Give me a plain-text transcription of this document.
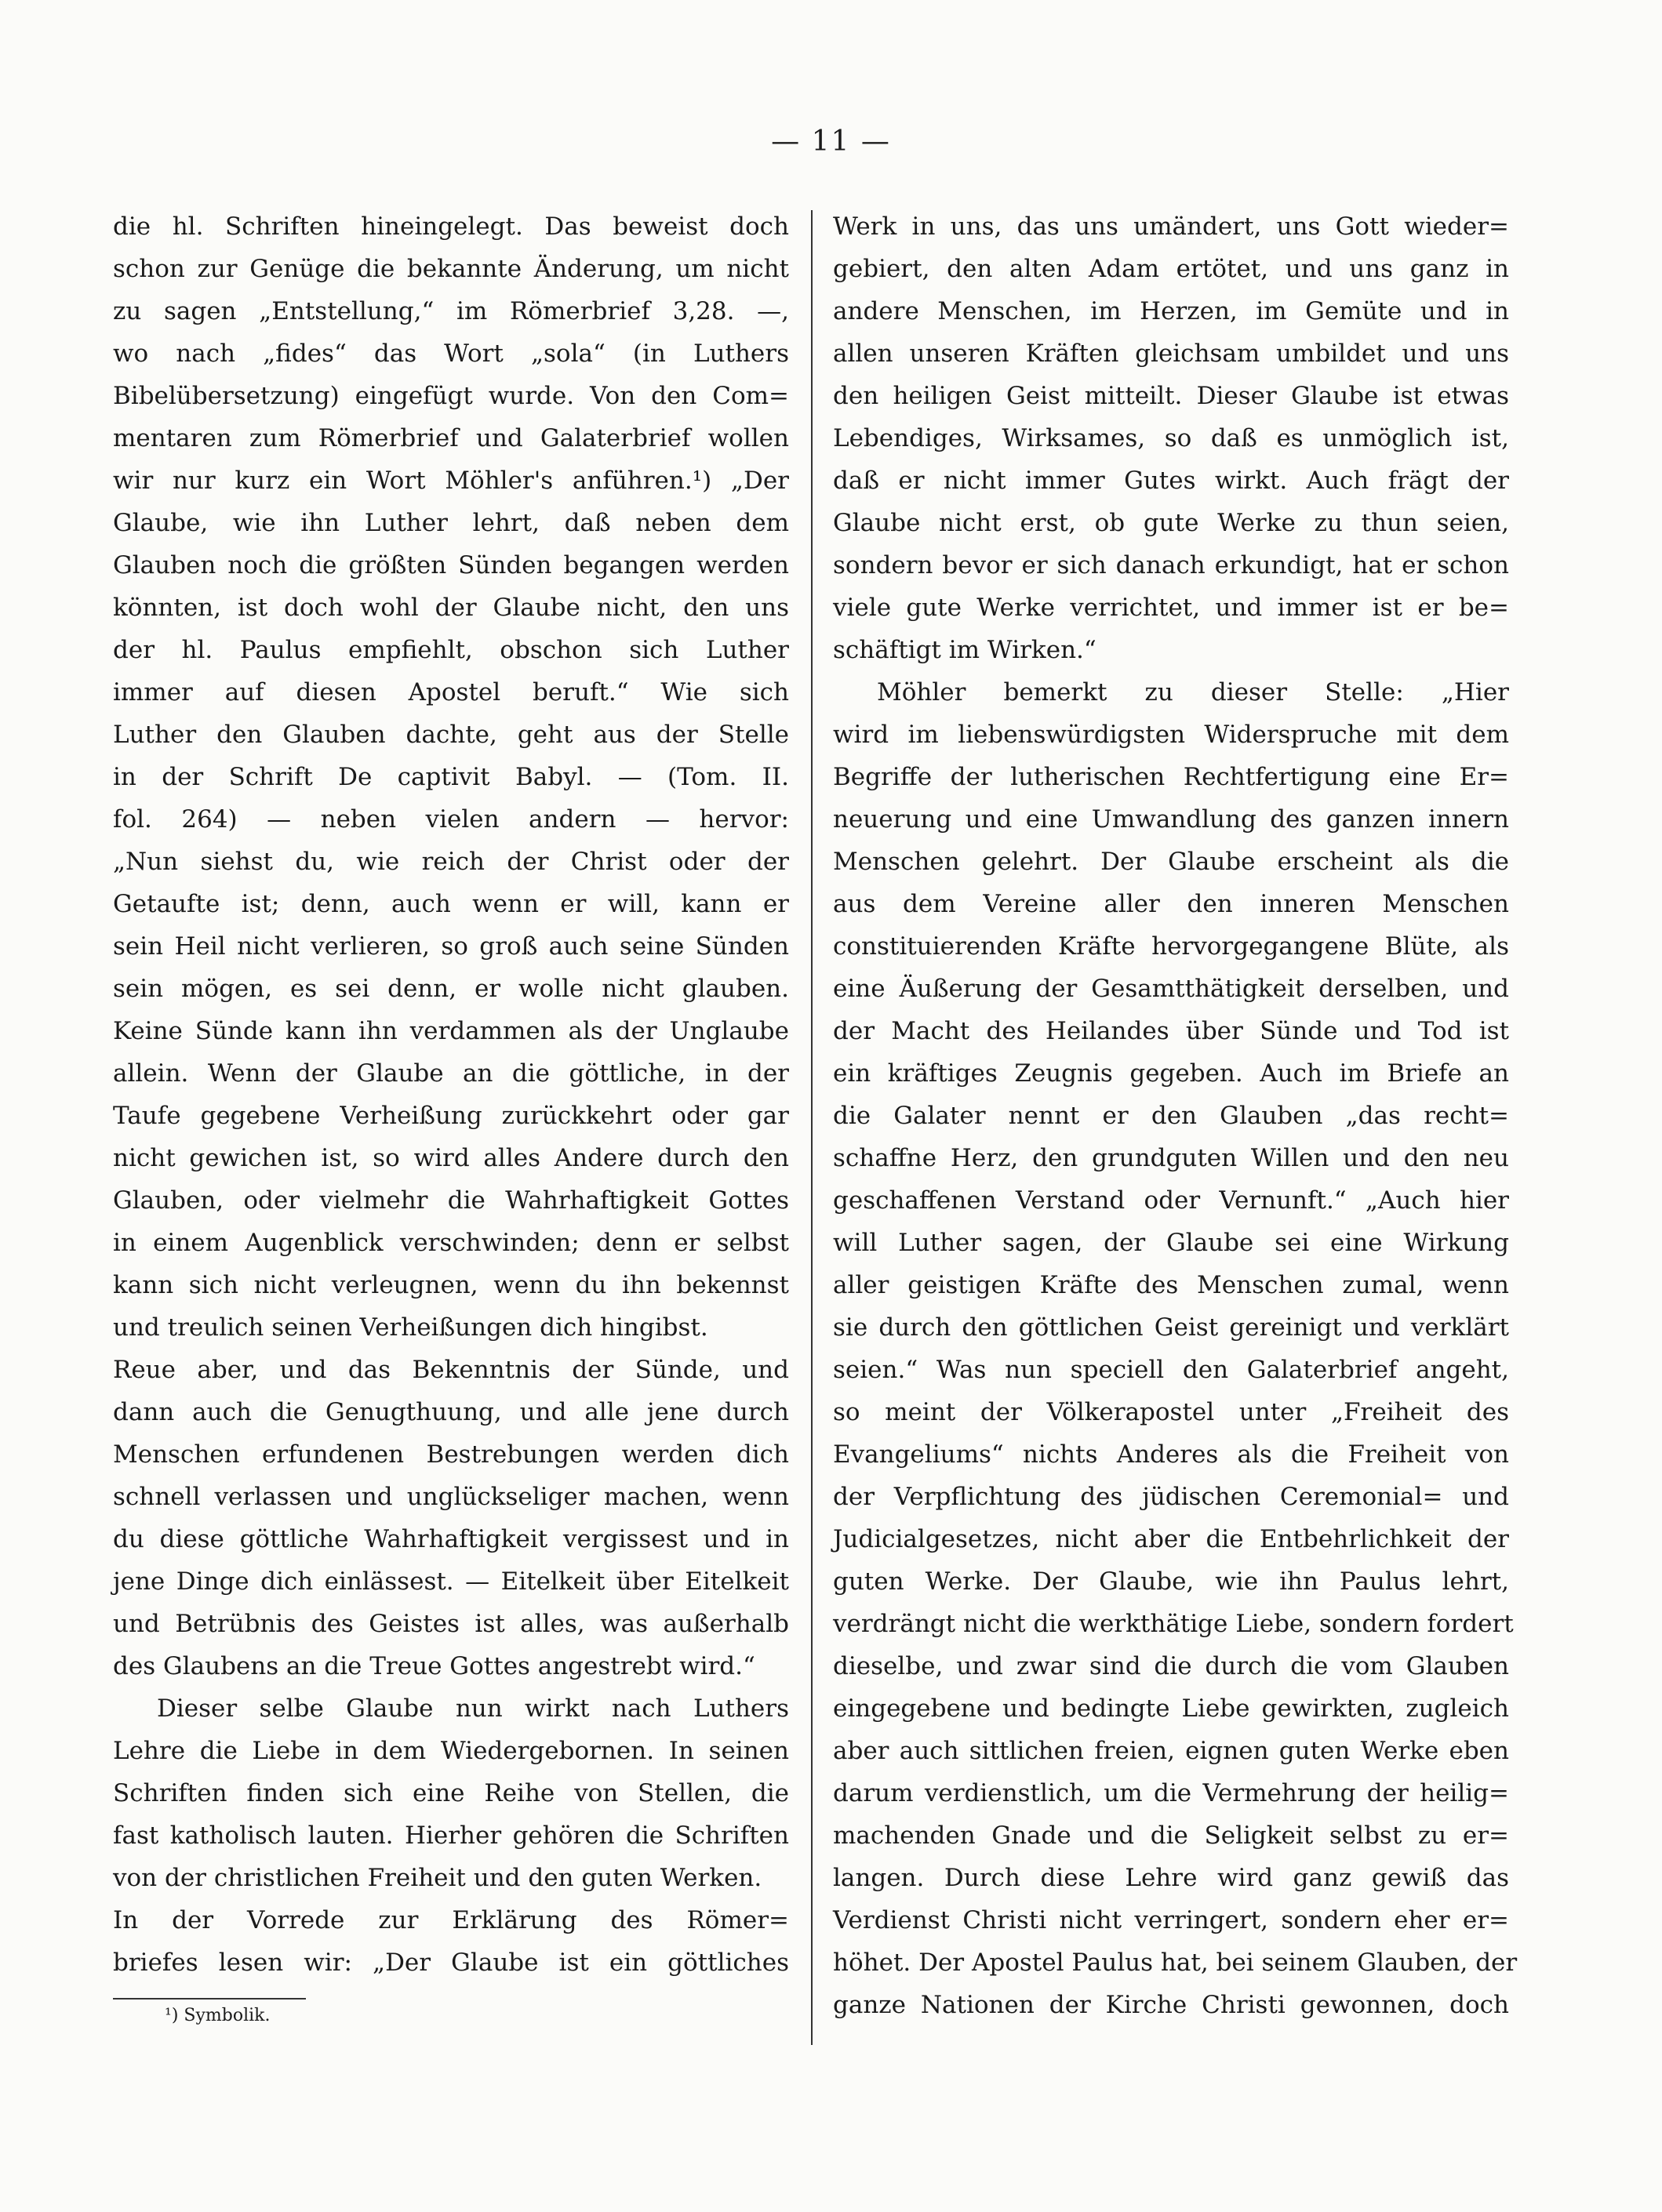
— 11 —
die hl. Schriften hineingelegt. Das beweist doch
schon zur Genüge die bekannte Änderung, um nicht
zu sagen „Entstellung,“ im Römerbrief 3,28. —,
wo nach „fides“ das Wort „sola“ (in Luthers
Bibelübersetzung) eingefügt wurde. Von den Com=
mentaren zum Römerbrief und Galaterbrief wollen
wir nur kurz ein Wort Möhler's anführen.¹) „Der
Glaube, wie ihn Luther lehrt, daß neben dem
Glauben noch die größten Sünden begangen werden
könnten, ist doch wohl der Glaube nicht, den uns
der hl. Paulus empfiehlt, obschon sich Luther
immer auf diesen Apostel beruft.“ Wie sich
Luther den Glauben dachte, geht aus der Stelle
in der Schrift De captivit Babyl. — (Tom. II.
fol. 264) — neben vielen andern — hervor:
„Nun siehst du, wie reich der Christ oder der
Getaufte ist; denn, auch wenn er will, kann er
sein Heil nicht verlieren, so groß auch seine Sünden
sein mögen, es sei denn, er wolle nicht glauben.
Keine Sünde kann ihn verdammen als der Unglaube
allein. Wenn der Glaube an die göttliche, in der
Taufe gegebene Verheißung zurückkehrt oder gar
nicht gewichen ist, so wird alles Andere durch den
Glauben, oder vielmehr die Wahrhaftigkeit Gottes
in einem Augenblick verschwinden; denn er selbst
kann sich nicht verleugnen, wenn du ihn bekennst
und treulich seinen Verheißungen dich hingibst.
Reue aber, und das Bekenntnis der Sünde, und
dann auch die Genugthuung, und alle jene durch
Menschen erfundenen Bestrebungen werden dich
schnell verlassen und unglückseliger machen, wenn
du diese göttliche Wahrhaftigkeit vergissest und in
jene Dinge dich einlässest. — Eitelkeit über Eitelkeit
und Betrübnis des Geistes ist alles, was außerhalb
des Glaubens an die Treue Gottes angestrebt wird.“
Dieser selbe Glaube nun wirkt nach Luthers
Lehre die Liebe in dem Wiedergebornen. In seinen
Schriften finden sich eine Reihe von Stellen, die
fast katholisch lauten. Hierher gehören die Schriften
von der christlichen Freiheit und den guten Werken.
In der Vorrede zur Erklärung des Römer=
briefes lesen wir: „Der Glaube ist ein göttliches
Werk in uns, das uns umändert, uns Gott wieder=
gebiert, den alten Adam ertötet, und uns ganz in
andere Menschen, im Herzen, im Gemüte und in
allen unseren Kräften gleichsam umbildet und uns
den heiligen Geist mitteilt. Dieser Glaube ist etwas
Lebendiges, Wirksames, so daß es unmöglich ist,
daß er nicht immer Gutes wirkt. Auch frägt der
Glaube nicht erst, ob gute Werke zu thun seien,
sondern bevor er sich danach erkundigt, hat er schon
viele gute Werke verrichtet, und immer ist er be=
schäftigt im Wirken.“
Möhler bemerkt zu dieser Stelle: „Hier
wird im liebenswürdigsten Widerspruche mit dem
Begriffe der lutherischen Rechtfertigung eine Er=
neuerung und eine Umwandlung des ganzen innern
Menschen gelehrt. Der Glaube erscheint als die
aus dem Vereine aller den inneren Menschen
constituierenden Kräfte hervorgegangene Blüte, als
eine Äußerung der Gesamtthätigkeit derselben, und
der Macht des Heilandes über Sünde und Tod ist
ein kräftiges Zeugnis gegeben. Auch im Briefe an
die Galater nennt er den Glauben „das recht=
schaffne Herz, den grundguten Willen und den neu
geschaffenen Verstand oder Vernunft.“ „Auch hier
will Luther sagen, der Glaube sei eine Wirkung
aller geistigen Kräfte des Menschen zumal, wenn
sie durch den göttlichen Geist gereinigt und verklärt
seien.“ Was nun speciell den Galaterbrief angeht,
so meint der Völkerapostel unter „Freiheit des
Evangeliums“ nichts Anderes als die Freiheit von
der Verpflichtung des jüdischen Ceremonial= und
Judicialgesetzes, nicht aber die Entbehrlichkeit der
guten Werke. Der Glaube, wie ihn Paulus lehrt,
verdrängt nicht die werkthätige Liebe, sondern fordert
dieselbe, und zwar sind die durch die vom Glauben
eingegebene und bedingte Liebe gewirkten, zugleich
aber auch sittlichen freien, eignen guten Werke eben
darum verdienstlich, um die Vermehrung der heilig=
machenden Gnade und die Seligkeit selbst zu er=
langen. Durch diese Lehre wird ganz gewiß das
Verdienst Christi nicht verringert, sondern eher er=
höhet. Der Apostel Paulus hat, bei seinem Glauben, der
ganze Nationen der Kirche Christi gewonnen, doch
¹) Symbolik.
